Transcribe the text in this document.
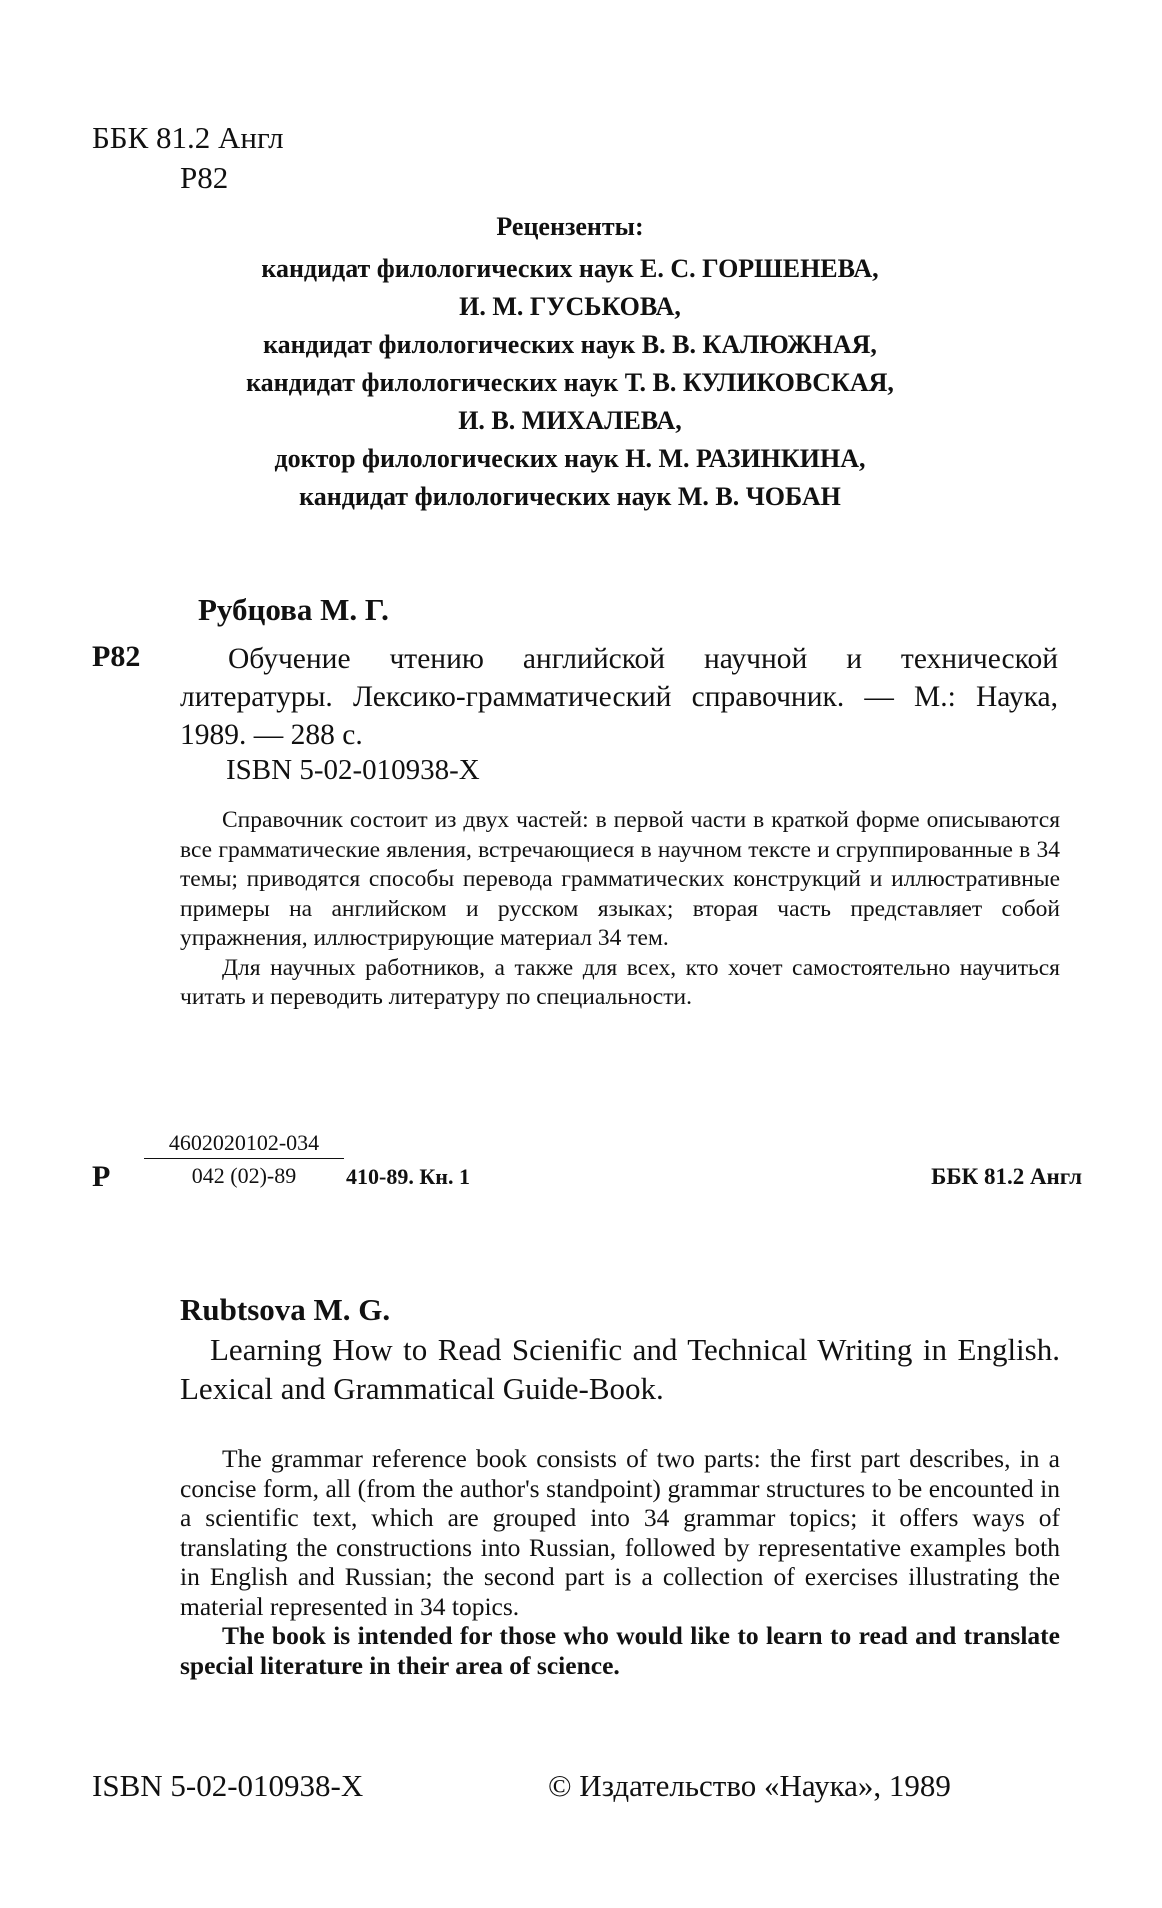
ББК 81.2 Англ
Р82
Рецензенты:
кандидат филологических наук Е. С. ГОРШЕНЕВА,
И. М. ГУСЬКОВА,
кандидат филологических наук В. В. КАЛЮЖНАЯ,
кандидат филологических наук Т. В. КУЛИКОВСКАЯ,
И. В. МИХАЛЕВА,
доктор филологических наук Н. М. РАЗИНКИНА,
кандидат филологических наук М. В. ЧОБАН
Рубцова М. Г.
Р82	Обучение чтению английской научной и технической литературы. Лексико-грамматический справочник. — М.: Наука, 1989. — 288 с.
ISBN 5-02-010938-X

Справочник состоит из двух частей: в первой части в краткой форме описываются все грамматические явления, встречающиеся в научном тексте и сгруппированные в 34 темы; приводятся способы перевода грамматических конструкций и иллюстративные примеры на английском и русском языках; вторая часть представляет собой упражнения, иллюстрирующие материал 34 тем.

Для научных работников, а также для всех, кто хочет самостоятельно научиться читать и переводить литературу по специальности.

Р $\frac{4602020102-034}{042 (02)-89} 410-89$. Кн. 1	ББК 81.2 Англ
Rubtsova M. G.
Learning How to Read Scienific and Technical Writing in English. Lexical and Grammatical Guide-Book.

The grammar reference book consists of two parts: the first part describes, in a concise form, all (from the author's standpoint) grammar structures to be encounted in a scientific text, which are grouped into 34 grammar topics; it offers ways of translating the constructions into Russian, followed by representative examples both in English and Russian; the second part is a collection of exercises illustrating the material represented in 34 topics.

The book is intended for those who would like to learn to read and translate special literature in their area of science.

ISBN 5-02-010938-X	© Издательство «Наука», 1989
